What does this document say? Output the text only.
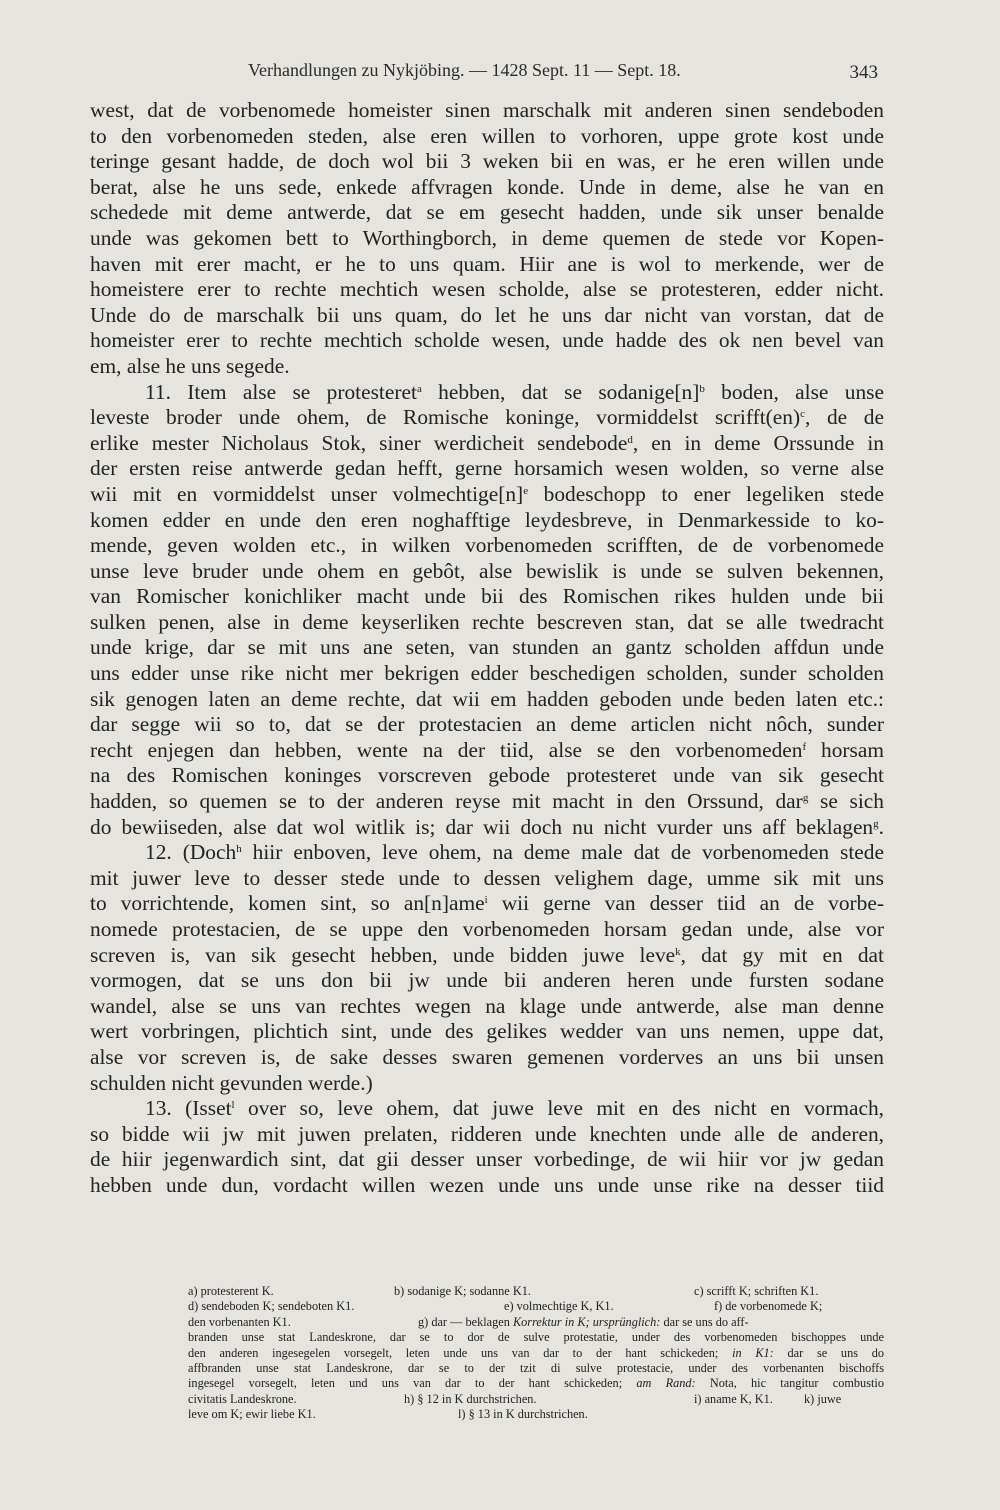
Verhandlungen zu Nykjöbing. — 1428 Sept. 11 — Sept. 18.	343
west, dat de vorbenomede homeister sinen marschalk mit anderen sinen sendeboden
to den vorbenomeden steden, alse eren willen to vorhoren, uppe grote kost unde
teringe gesant hadde, de doch wol bii 3 weken bii en was, er he eren willen unde
berat, alse he uns sede, enkede affvragen konde. Unde in deme, alse he van en
schedede mit deme antwerde, dat se em gesecht hadden, unde sik unser benalde
unde was gekomen bett to Worthingborch, in deme quemen de stede vor Kopen-
haven mit erer macht, er he to uns quam. Hiir ane is wol to merkende, wer de
homeistere erer to rechte mechtich wesen scholde, alse se protesteren, edder nicht.
Unde do de marschalk bii uns quam, do let he uns dar nicht van vorstan, dat de
homeister erer to rechte mechtich scholde wesen, unde hadde des ok nen bevel van
em, alse he uns segede.
11. Item alse se protesteret$^a$ hebben, dat se $sodanige[n]^b$ boden, alse unse
leveste broder unde ohem, de Romische koninge, vormiddelst scrifft(en)$^c$, de de
erlike mester Nicholaus Stok, siner werdicheit sendebode$^d$, en in deme Orssunde in
der ersten reise antwerde gedan hefft, gerne horsamich wesen wolden, so verne alse
wii mit en vormiddelst unser $volmechtige[n]^e$ bodeschopp to ener legeliken stede
komen edder en unde den eren noghafftige leydesbreve, in Denmarkesside to ko-
mende, geven wolden etc., in wilken vorbenomeden scrifften, de de vorbenomede
unse leve bruder unde ohem en gebôt, alse bewislik is unde se sulven bekennen,
van Romischer konichliker macht unde bii des Romischen rikes hulden unde bii
sulken penen, alse in deme keyserliken rechte bescreven stan, dat se alle twedracht
unde krige, dar se mit uns ane seten, van stunden an gantz scholden affdun unde
uns edder unse rike nicht mer bekrigen edder beschedigen scholden, sunder scholden
sik genogen laten an deme rechte, dat wii em hadden geboden unde beden laten etc.:
dar segge wii so to, dat se der protestacien an deme articlen nicht nôch, sunder
recht enjegen dan hebben, wente na der tiid, alse se den vorbenomeden$^f$ horsam
na des Romischen koninges vorscreven gebode protesteret unde van sik gesecht
hadden, so quemen se to der anderen reyse mit macht in den Orssund, dar$^g$ se sich
do bewiiseden, alse dat wol witlik is; dar wii doch nu nicht vurder uns aff beklagen$^g$.
12. (Doch$^h$ hiir enboven, leve ohem, na deme male dat de vorbenomeden stede
mit juwer leve to desser stede unde to dessen velighem dage, umme sik mit uns
to vorrichtende, komen sint, so an[n]ame$^i$ wii gerne van desser tiid an de vorbe-
nomede protestacien, de se uppe den vorbenomeden horsam gedan unde, alse vor
screven is, van sik gesecht hebben, unde bidden juwe leve$^k$, dat gy mit en dat
vormogen, dat se uns don bii jw unde bii anderen heren unde fursten sodane
wandel, alse se uns van rechtes wegen na klage unde antwerde, alse man denne
wert vorbringen, plichtich sint, unde des gelikes wedder van uns nemen, uppe dat,
alse vor screven is, de sake desses swaren gemenen vorderves an uns bii unsen
schulden nicht gevunden werde.)
13. (Isset$^l$ over so, leve ohem, dat juwe leve mit en des nicht en vormach,
so bidde wii jw mit juwen prelaten, ridderen unde knechten unde alle de anderen,
de hiir jegenwardich sint, dat gii desser unser vorbedinge, de wii hiir vor jw gedan
hebben unde dun, vordacht willen wezen unde uns unde unse rike na desser tiid
a) protesterent K.	b) sodanige K; sodanne K1.	c) scrifft K; schriften K1.
d) sendeboden K; sendeboten K1.	e) volmechtige K, K1.	f) de vorbenomede K;
den vorbenanten K1.	g) dar — beklagen Korrektur in K; ursprünglich: dar se uns do aff-
branden unse stat Landeskrone, dar se to dor de sulve protestatie, under des vorbenomeden bischoppes unde
den anderen ingesegelen vorsegelt, leten unde uns van dar to der hant schickeden; in K1: dar se uns do
affbranden unse stat Landeskrone, dar se to der tzit di sulve protestacie, under des vorbenanten bischoffs
ingesegel vorsegelt, leten und uns van dar to der hant schickeden; am Rand: Nota, hic tangitur combustio
civitatis Landeskrone.	h) § 12 in K durchstrichen.	i) aname K, K1.	k) juwe
leve om K; ewir liebe K1.	l) § 13 in K durchstrichen.
